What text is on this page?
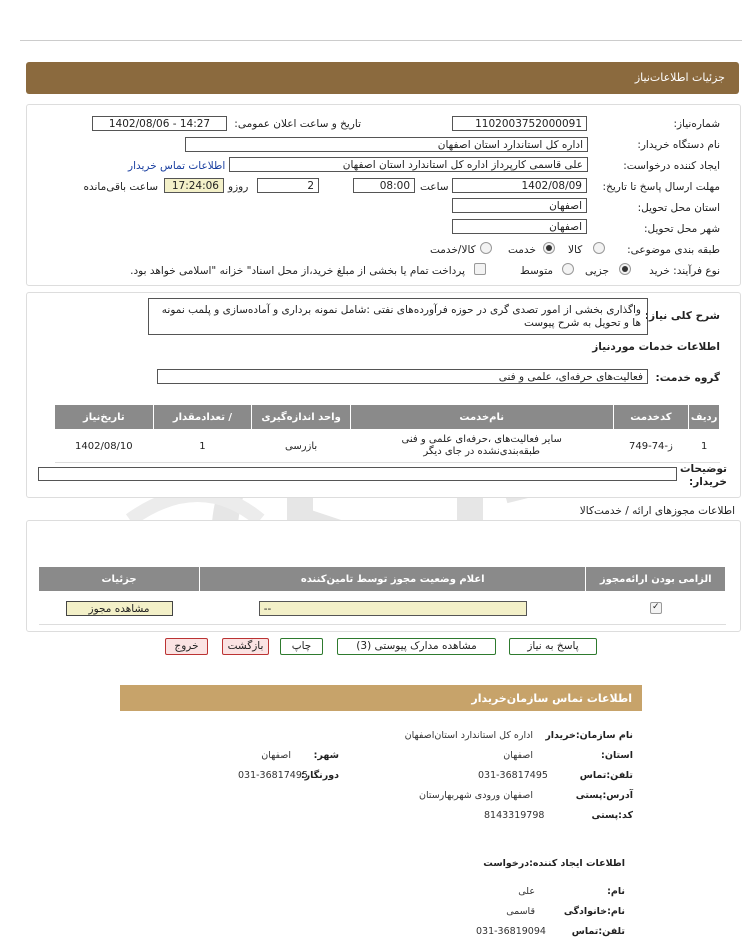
جزئیات اطلاعات‌نیاز
شماره‌نیاز:
1102003752000091
تاریخ و ساعت اعلان عمومی:
1402/08/06 - 14:27
نام دستگاه خریدار:
اداره کل استاندارد استان اصفهان
ایجاد کننده درخواست:
علی قاسمی کارپرداز اداره کل استاندارد استان اصفهان
اطلاعات تماس خریدار
مهلت ارسال پاسخ تا تاریخ:
1402/08/09
ساعت
08:00
2
روزو
17:24:06
ساعت باقی‌مانده
استان محل تحویل:
اصفهان
شهر محل تحویل:
اصفهان
طبقه بندی موضوعی:
کالا
خدمت
کالا/خدمت
نوع فرآیند: خرید
جزیی
متوسط
پرداخت تمام یا بخشی از مبلغ خرید،از محل اسناد" خزانه "اسلامی خواهد بود.
شرح کلی نیاز:
واگذاری بخشی از امور تصدی گری در حوزه فرآورده‌های نفتی :شامل نمونه برداری و آماده‌سازی و پلمب نمونه ها و تحویل به شرح پیوست
اطلاعات خدمات موردنیاز
گروه خدمت:
فعالیت‌های حرفه‌ای، علمی و فنی
ردیف	کدخدمت	نام‌خدمت	واحد اندازه‌گیری	/ تعدادمقدار	تاریخ‌نیاز
1	ز-74-749	سایر فعالیت‌های ،حرفه‌ای علمی و فنی طبقه‌بندی‌نشده در جای دیگر	بازرسی	1	1402/08/10
توضیحات خریدار:
اطلاعات مجوزهای ارائه / خدمت‌کالا
الزامی بودن ارائه‌مجوز	اعلام وضعیت مجوز توسط تامین‌کننده	جزئیات
✓	--	مشاهده مجوز
پاسخ به نیاز
مشاهده مدارک پیوستی (3)
چاپ
بازگشت
خروج
اطلاعات تماس سازمان‌خریدار
نام سازمان:خریدار
اداره کل استاندارد استان‌اصفهان
استان:
اصفهان
شهر:
اصفهان
تلفن:تماس
031-36817495
دورنگار:
031-36817495
آدرس:پستی
اصفهان ورودی شهربهارستان
کد:پستی
8143319798
اطلاعات ایجاد کننده:درخواست
نام:
علی
نام:خانوادگی
قاسمی
تلفن:تماس
031-36819094
